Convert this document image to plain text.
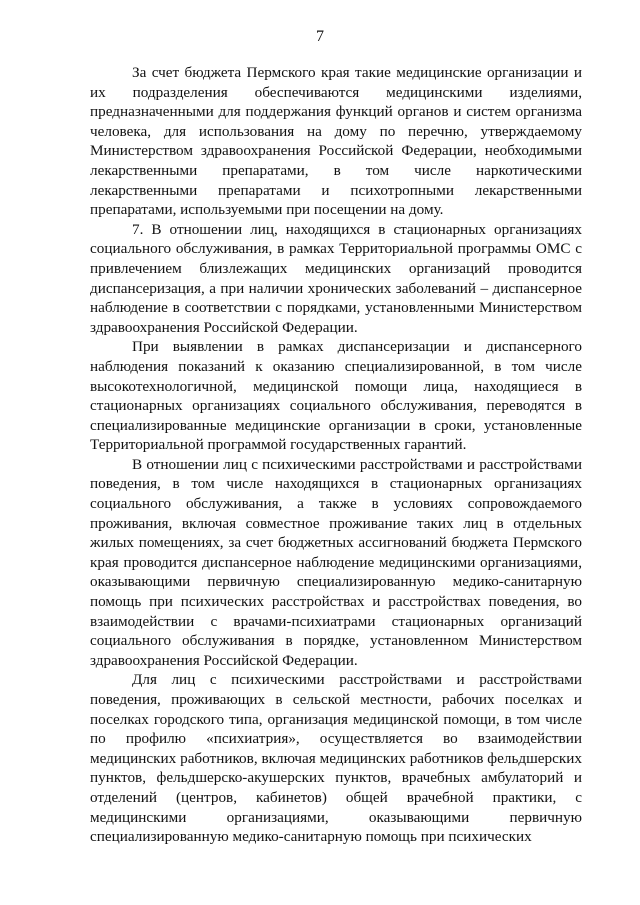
7

За счет бюджета Пермского края такие медицинские организации и их подразделения обеспечиваются медицинскими изделиями, предназначенными для поддержания функций органов и систем организма человека, для использования на дому по перечню, утверждаемому Министерством здравоохранения Российской Федерации, необходимыми лекарственными препаратами, в том числе наркотическими лекарственными препаратами и психотропными лекарственными препаратами, используемыми при посещении на дому.

7. В отношении лиц, находящихся в стационарных организациях социального обслуживания, в рамках Территориальной программы ОМС с привлечением близлежащих медицинских организаций проводится диспансеризация, а при наличии хронических заболеваний – диспансерное наблюдение в соответствии с порядками, установленными Министерством здравоохранения Российской Федерации.

При выявлении в рамках диспансеризации и диспансерного наблюдения показаний к оказанию специализированной, в том числе высокотехнологичной, медицинской помощи лица, находящиеся в стационарных организациях социального обслуживания, переводятся в специализированные медицинские организации в сроки, установленные Территориальной программой государственных гарантий.

В отношении лиц с психическими расстройствами и расстройствами поведения, в том числе находящихся в стационарных организациях социального обслуживания, а также в условиях сопровождаемого проживания, включая совместное проживание таких лиц в отдельных жилых помещениях, за счет бюджетных ассигнований бюджета Пермского края проводится диспансерное наблюдение медицинскими организациями, оказывающими первичную специализированную медико-санитарную помощь при психических расстройствах и расстройствах поведения, во взаимодействии с врачами-психиатрами стационарных организаций социального обслуживания в порядке, установленном Министерством здравоохранения Российской Федерации.

Для лиц с психическими расстройствами и расстройствами поведения, проживающих в сельской местности, рабочих поселках и поселках городского типа, организация медицинской помощи, в том числе по профилю «психиатрия», осуществляется во взаимодействии медицинских работников, включая медицинских работников фельдшерских пунктов, фельдшерско-акушерских пунктов, врачебных амбулаторий и отделений (центров, кабинетов) общей врачебной практики, с медицинскими организациями, оказывающими первичную специализированную медико-санитарную помощь при психических
